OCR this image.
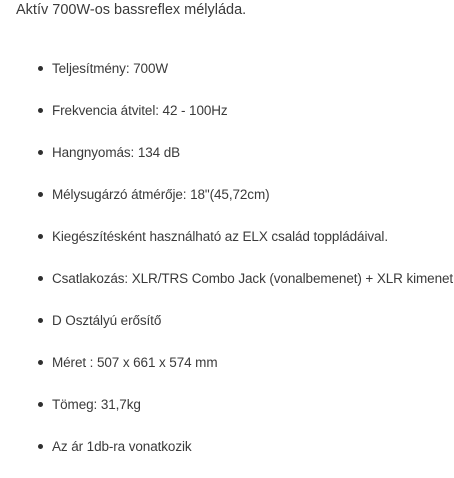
Aktív 700W-os bassreflex mélyláda.

Teljesítmény: 700W
Frekvencia átvitel: 42 - 100Hz
Hangnyomás: 134 dB
Mélysugárzó átmérője: 18"(45,72cm)
Kiegészítésként használható az ELX család toppládáival.
Csatlakozás: XLR/TRS Combo Jack (vonalbemenet) + XLR kimenet
D Osztályú erősítő
Méret : 507 x 661 x 574 mm
Tömeg: 31,7kg
Az ár 1db-ra vonatkozik
